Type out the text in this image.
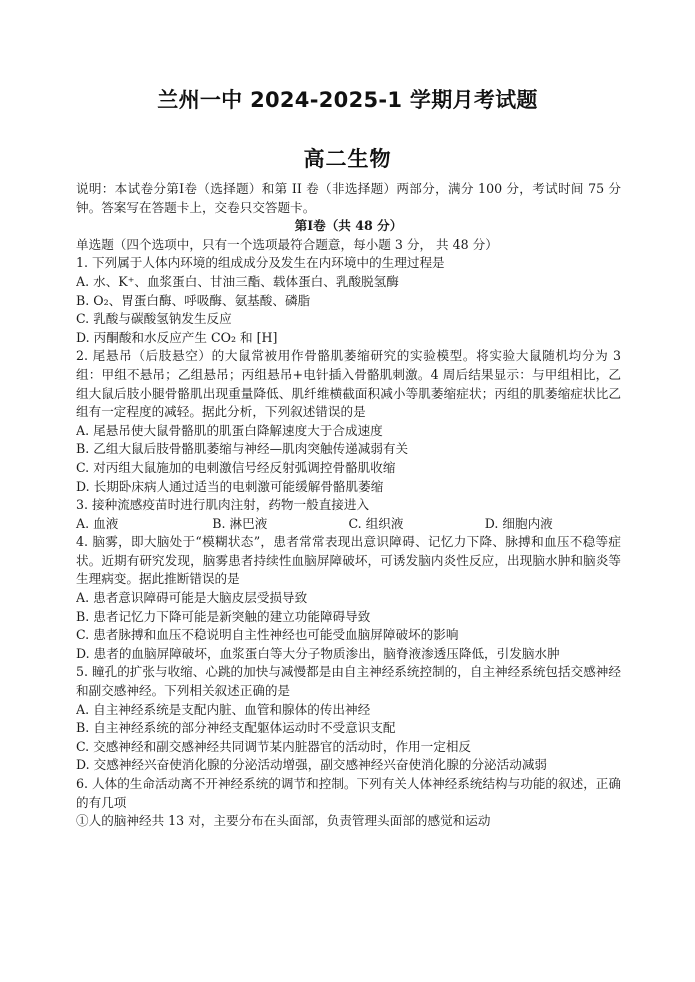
兰州一中 2024-2025-1 学期月考试题
高二生物
说明：本试卷分第Ⅰ卷（选择题）和第 II 卷（非选择题）两部分，满分 100 分，考试时间 75 分钟。答案写在答题卡上，交卷只交答题卡。
第Ⅰ卷（共 48 分）
单选题（四个选项中，只有一个选项最符合题意，每小题 3 分， 共 48 分）
1. 下列属于人体内环境的组成成分及发生在内环境中的生理过程是
A. 水、K⁺、血浆蛋白、甘油三酯、载体蛋白、乳酸脱氢酶
B. O₂、胃蛋白酶、呼吸酶、氨基酸、磷脂
C. 乳酸与碳酸氢钠发生反应
D. 丙酮酸和水反应产生 CO₂ 和 [H]
2. 尾悬吊（后肢悬空）的大鼠常被用作骨骼肌萎缩研究的实验模型。将实验大鼠随机均分为 3 组：甲组不悬吊；乙组悬吊；丙组悬吊+电针插入骨骼肌刺激。4 周后结果显示：与甲组相比，乙组大鼠后肢小腿骨骼肌出现重量降低、肌纤维横截面积减小等肌萎缩症状；丙组的肌萎缩症状比乙组有一定程度的减轻。据此分析，下列叙述错误的是
A. 尾悬吊使大鼠骨骼肌的肌蛋白降解速度大于合成速度
B. 乙组大鼠后肢骨骼肌萎缩与神经—肌肉突触传递减弱有关
C. 对丙组大鼠施加的电刺激信号经反射弧调控骨骼肌收缩
D. 长期卧床病人通过适当的电刺激可能缓解骨骼肌萎缩
3. 接种流感疫苗时进行肌肉注射，药物一般直接进入
A. 血液	B. 淋巴液	C. 组织液	D. 细胞内液
4. 脑雾，即大脑处于“模糊状态”，患者常常表现出意识障碍、记忆力下降、脉搏和血压不稳等症状。近期有研究发现，脑雾患者持续性血脑屏障破坏，可诱发脑内炎性反应，出现脑水肿和脑炎等生理病变。据此推断错误的是
A. 患者意识障碍可能是大脑皮层受损导致
B. 患者记忆力下降可能是新突触的建立功能障碍导致
C. 患者脉搏和血压不稳说明自主性神经也可能受血脑屏障破坏的影响
D. 患者的血脑屏障破坏，血浆蛋白等大分子物质渗出，脑脊液渗透压降低，引发脑水肿
5. 瞳孔的扩张与收缩、心跳的加快与减慢都是由自主神经系统控制的，自主神经系统包括交感神经和副交感神经。下列相关叙述正确的是
A. 自主神经系统是支配内脏、血管和腺体的传出神经
B. 自主神经系统的部分神经支配躯体运动时不受意识支配
C. 交感神经和副交感神经共同调节某内脏器官的活动时，作用一定相反
D. 交感神经兴奋使消化腺的分泌活动增强，副交感神经兴奋使消化腺的分泌活动减弱
6. 人体的生命活动离不开神经系统的调节和控制。下列有关人体神经系统结构与功能的叙述，正确的有几项
①人的脑神经共 13 对，主要分布在头面部，负责管理头面部的感觉和运动
